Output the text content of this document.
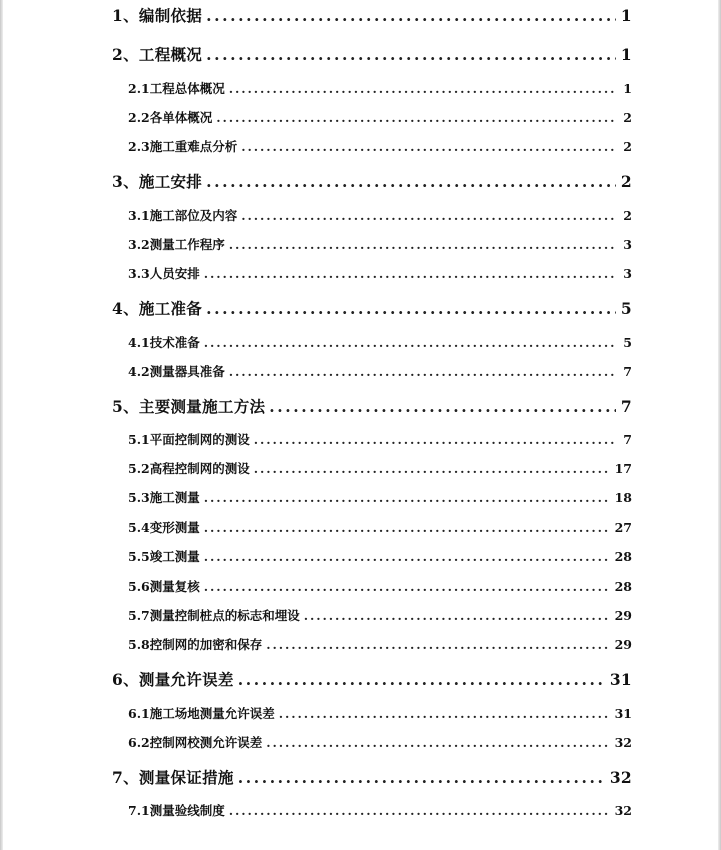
1、 编制依据 .....	1
2、 工程概况 .....	1
2.1 工程总体概况 .....	1
2.2 各单体概况 .....	2
2.3 施工重难点分析 .....	2
3、 施工安排 .....	2
3.1 施工部位及内容 .....	2
3.2 测量工作程序 .....	3
3.3 人员安排 .....	3
4、 施工准备 .....	5
4.1 技术准备 .....	5
4.2 测量器具准备 .....	7
5、 主要测量施工方法 .....	7
5.1 平面控制网的测设 .....	7
5.2 高程控制网的测设 .....	17
5.3 施工测量 .....	18
5.4 变形测量 .....	27
5.5 竣工测量 .....	28
5.6 测量复核 .....	28
5.7 测量控制桩点的标志和埋设 .....	29
5.8 控制网的加密和保存 .....	29
6、 测量允许误差 .....	31
6.1 施工场地测量允许误差 .....	31
6.2 控制网校测允许误差 .....	32
7、 测量保证措施 .....	32
7.1 测量验线制度 .....	32
